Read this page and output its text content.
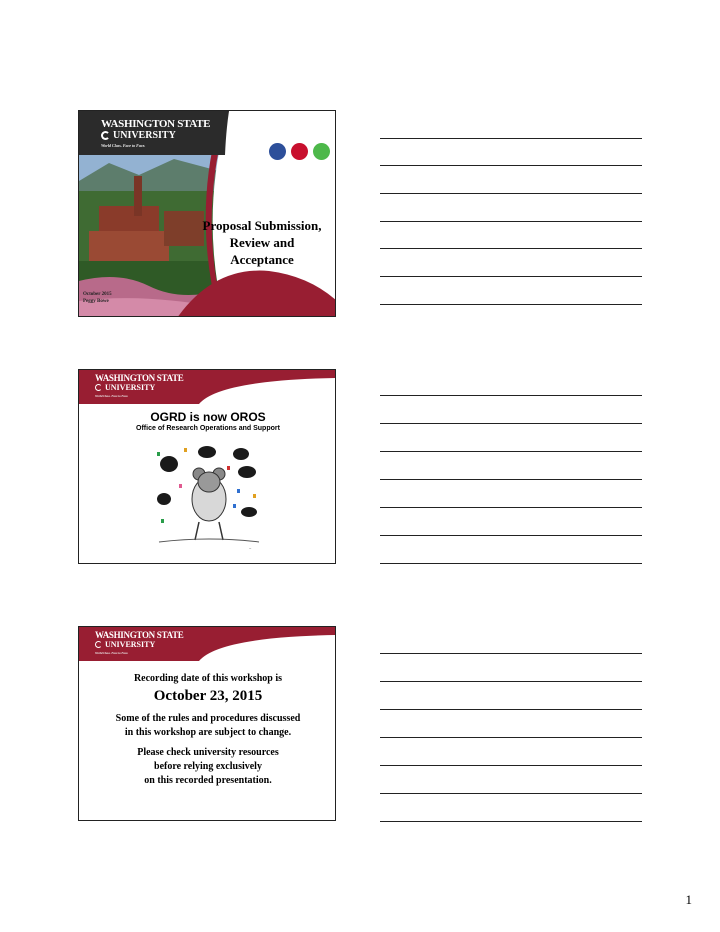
WASHINGTON STATE
UNIVERSITY
World Class. Face to Face.
Proposal Submission,
Review and
Acceptance
October 2015
Peggy Bowe
WASHINGTON STATE
UNIVERSITY
World Class. Face to Face.
OGRD is now OROS
Office of Research Operations and Support
~
WASHINGTON STATE
UNIVERSITY
World Class. Face to Face.
Recording date of this workshop is
October 23, 2015
Some of the rules and procedures discussed
in this workshop are subject to change.
Please check university resources
before relying exclusively
on this recorded presentation.
1
